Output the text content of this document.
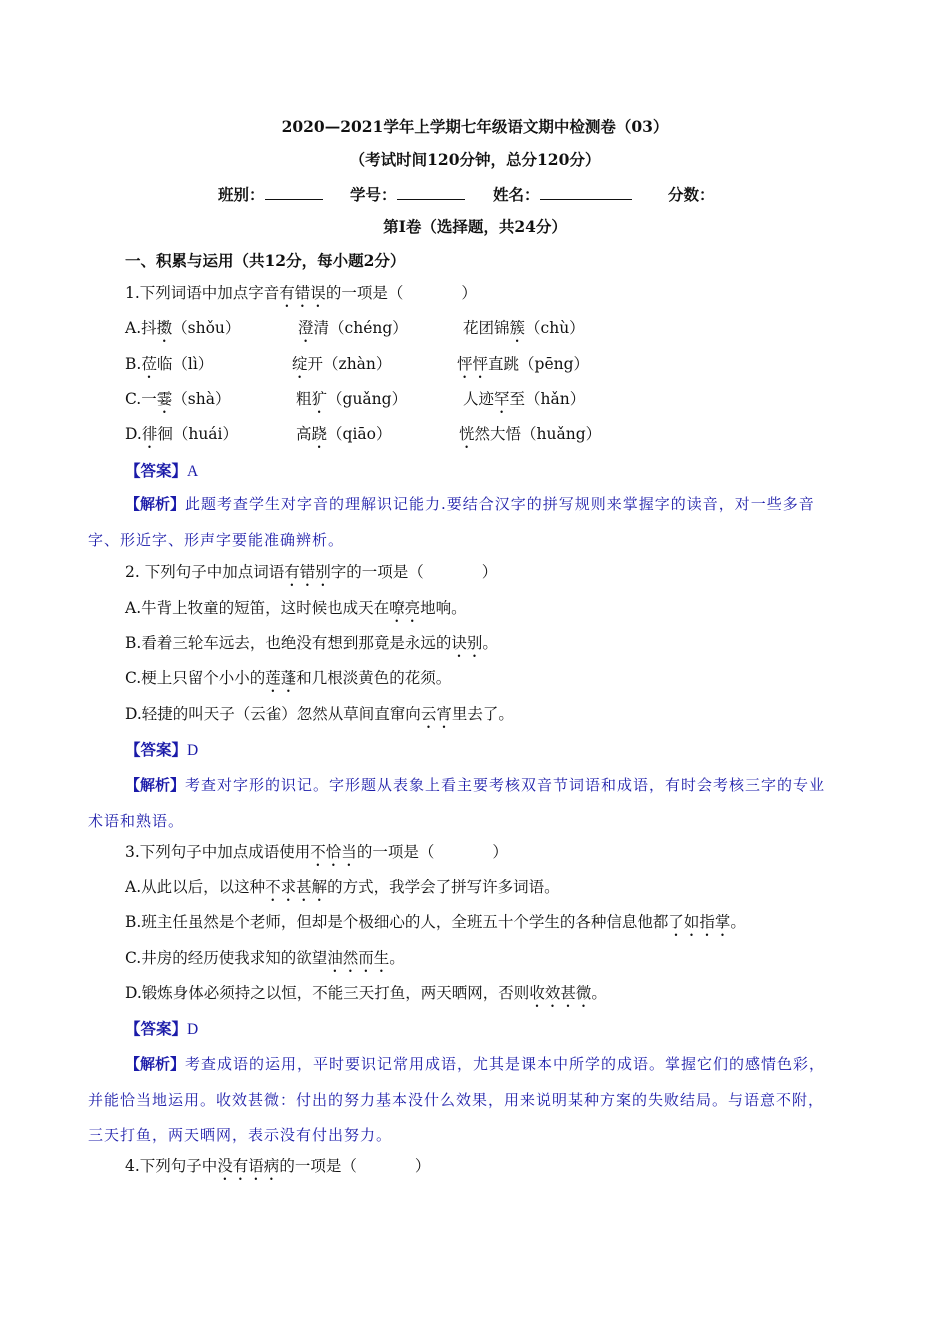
2020—2021学年上学期七年级语文期中检测卷（03）
（考试时间120分钟，总分120分）
班别：	学号：	姓名：	分数：
第Ⅰ卷（选择题，共24分）
一、积累与运用（共12分，每小题2分）
1.下列词语中加点字音有错误的一项是（	）
A.抖擞（shǒu）	澄清（chéng）	花团锦簇（chù）
B.莅临（lì）	绽开（zhàn）	怦怦直跳（pēng）
C.一霎（shà）	粗犷（guǎng）	人迹罕至（hǎn）
D.徘徊（huái）	高跷（qiāo）	恍然大悟（huǎng）
【答案】A
【解析】此题考查学生对字音的理解识记能力.要结合汉字的拼写规则来掌握字的读音，对一些多音
字、形近字、形声字要能准确辨析。
2. 下列句子中加点词语有错别字的一项是（	）
A.牛背上牧童的短笛，这时候也成天在嘹亮地响。
B.看着三轮车远去，也绝没有想到那竟是永远的诀别。
C.梗上只留个小小的莲蓬和几根淡黄色的花须。
D.轻捷的叫天子（云雀）忽然从草间直窜向云宵里去了。
【答案】D
【解析】考查对字形的识记。字形题从表象上看主要考核双音节词语和成语，有时会考核三字的专业
术语和熟语。
3.下列句子中加点成语使用不恰当的一项是（	）
A.从此以后，以这种不求甚解的方式，我学会了拼写许多词语。
B.班主任虽然是个老师，但却是个极细心的人，全班五十个学生的各种信息他都了如指掌。
C.井房的经历使我求知的欲望油然而生。
D.锻炼身体必须持之以恒，不能三天打鱼，两天晒网，否则收效甚微。
【答案】D
【解析】考查成语的运用，平时要识记常用成语，尤其是课本中所学的成语。掌握它们的感情色彩，
并能恰当地运用。收效甚微：付出的努力基本没什么效果，用来说明某种方案的失败结局。与语意不附，
三天打鱼，两天晒网，表示没有付出努力。
4.下列句子中没有语病的一项是（	）
